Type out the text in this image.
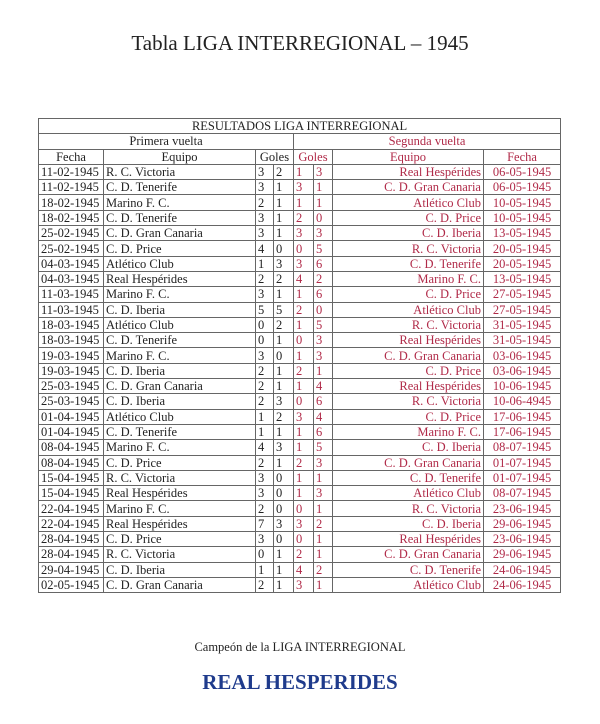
Tabla LIGA INTERREGIONAL – 1945
RESULTADOS LIGA INTERREGIONAL							
Primera vuelta				Segunda vuelta			
Fecha	Equipo	Goles		Goles		Equipo	Fecha
11-02-1945	R. C. Victoria	3	2	1	3	Real Hespérides	06-05-1945
11-02-1945	C. D. Tenerife	3	1	3	1	C. D. Gran Canaria	06-05-1945
18-02-1945	Marino F. C.	2	1	1	1	Atlético Club	10-05-1945
18-02-1945	C. D. Tenerife	3	1	2	0	C. D. Price	10-05-1945
25-02-1945	C. D. Gran Canaria	3	1	3	3	C. D. Iberia	13-05-1945
25-02-1945	C. D. Price	4	0	0	5	R. C. Victoria	20-05-1945
04-03-1945	Atlético Club	1	3	3	6	C. D. Tenerife	20-05-1945
04-03-1945	Real Hespérides	2	2	4	2	Marino F. C.	13-05-1945
11-03-1945	Marino F. C.	3	1	1	6	C. D. Price	27-05-1945
11-03-1945	C. D. Iberia	5	5	2	0	Atlético Club	27-05-1945
18-03-1945	Atlético Club	0	2	1	5	R. C. Victoria	31-05-1945
18-03-1945	C. D. Tenerife	0	1	0	3	Real Hespérides	31-05-1945
19-03-1945	Marino F. C.	3	0	1	3	C. D. Gran Canaria	03-06-1945
19-03-1945	C. D. Iberia	2	1	2	1	C. D. Price	03-06-1945
25-03-1945	C. D. Gran Canaria	2	1	1	4	Real Hespérides	10-06-1945
25-03-1945	C. D. Iberia	2	3	0	6	R. C. Victoria	10-06-4945
01-04-1945	Atlético Club	1	2	3	4	C. D. Price	17-06-1945
01-04-1945	C. D. Tenerife	1	1	1	6	Marino F. C.	17-06-1945
08-04-1945	Marino F. C.	4	3	1	5	C. D. Iberia	08-07-1945
08-04-1945	C. D. Price	2	1	2	3	C. D. Gran Canaria	01-07-1945
15-04-1945	R. C. Victoria	3	0	1	1	C. D. Tenerife	01-07-1945
15-04-1945	Real Hespérides	3	0	1	3	Atlético Club	08-07-1945
22-04-1945	Marino F. C.	2	0	0	1	R. C. Victoria	23-06-1945
22-04-1945	Real Hespérides	7	3	3	2	C. D. Iberia	29-06-1945
28-04-1945	C. D. Price	3	0	0	1	Real Hespérides	23-06-1945
28-04-1945	R. C. Victoria	0	1	2	1	C. D. Gran Canaria	29-06-1945
29-04-1945	C. D. Iberia	1	1	4	2	C. D. Tenerife	24-06-1945
02-05-1945	C. D. Gran Canaria	2	1	3	1	Atlético Club	24-06-1945
Campeón de la LIGA INTERREGIONAL
REAL HESPERIDES
